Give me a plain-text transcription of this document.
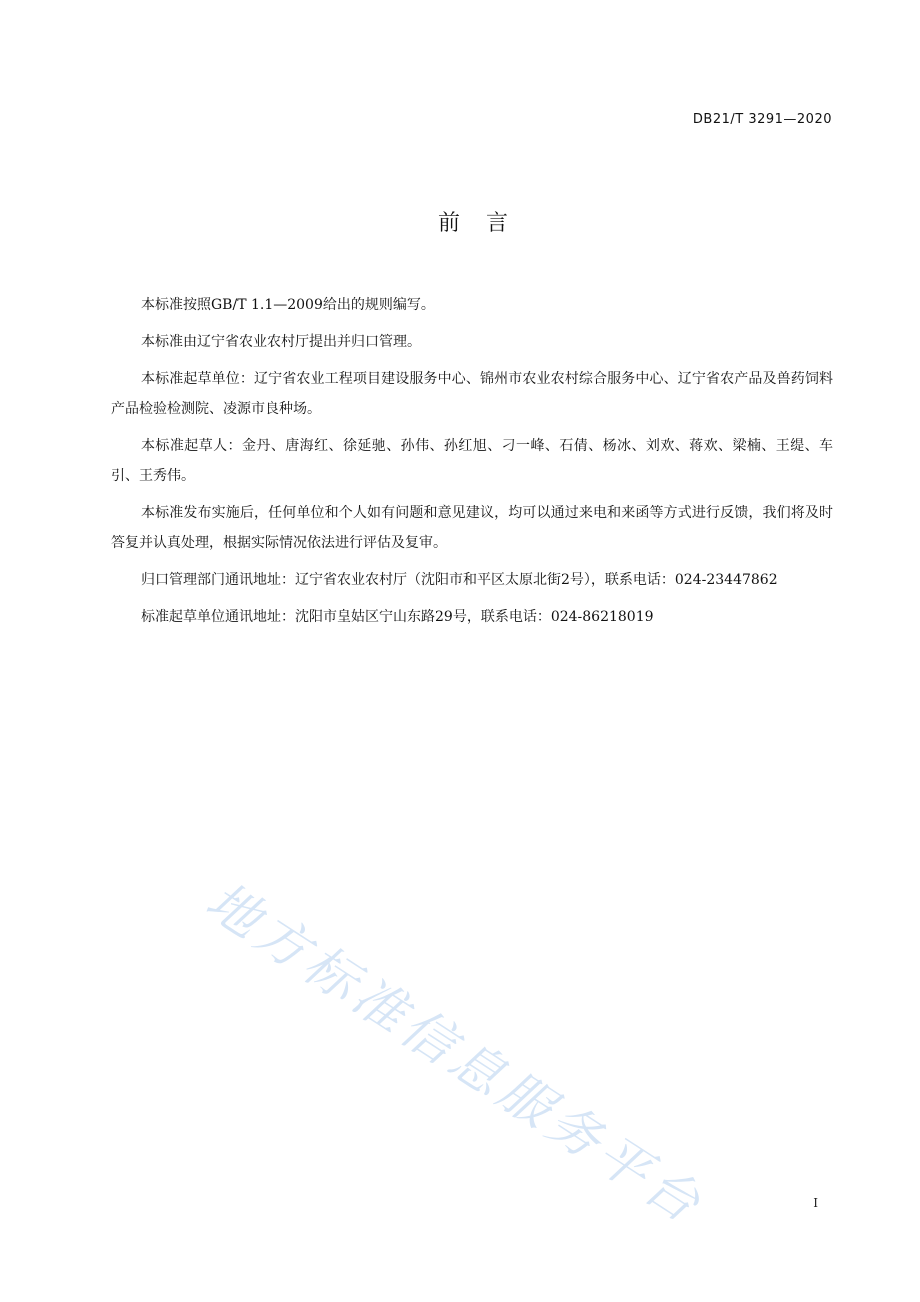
DB21/T 3291—2020
前言

本标准按照GB/T 1.1—2009给出的规则编写。

本标准由辽宁省农业农村厅提出并归口管理。

本标准起草单位：辽宁省农业工程项目建设服务中心、锦州市农业农村综合服务中心、辽宁省农产品及兽药饲料产品检验检测院、凌源市良种场。

本标准起草人：金丹、唐海红、徐延驰、孙伟、孙红旭、刁一峰、石倩、杨冰、刘欢、蒋欢、梁楠、王缇、车引、王秀伟。

本标准发布实施后，任何单位和个人如有问题和意见建议，均可以通过来电和来函等方式进行反馈，我们将及时答复并认真处理，根据实际情况依法进行评估及复审。

归口管理部门通讯地址：辽宁省农业农村厅（沈阳市和平区太原北街2号），联系电话：024-23447862

标准起草单位通讯地址：沈阳市皇姑区宁山东路29号，联系电话：024-86218019

地方标准信息服务平台	I
